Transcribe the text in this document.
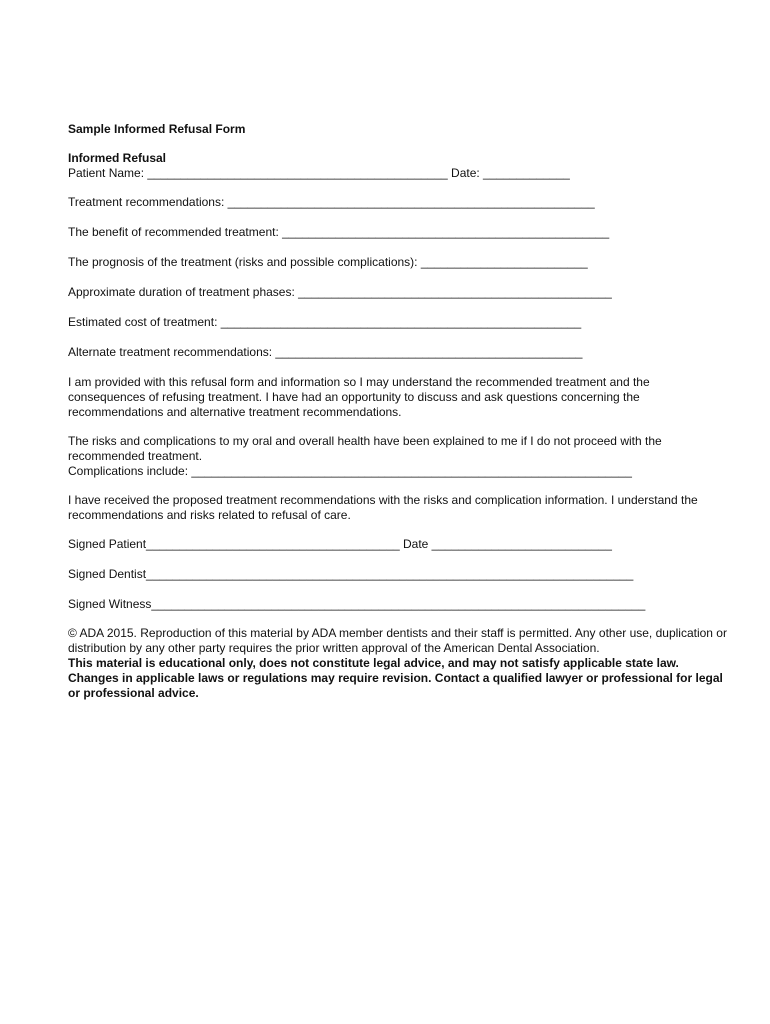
Sample Informed Refusal Form

Informed Refusal

Patient Name: _____________________________________________ Date: _____________

Treatment recommendations: _______________________________________________________

The benefit of recommended treatment: _________________________________________________

The prognosis of the treatment (risks and possible complications): _________________________

Approximate duration of treatment phases: _______________________________________________

Estimated cost of treatment: ______________________________________________________

Alternate treatment recommendations: ______________________________________________

I am provided with this refusal form and information so I may understand the recommended treatment and the consequences of refusing treatment. I have had an opportunity to discuss and ask questions concerning the recommendations and alternative treatment recommendations.

The risks and complications to my oral and overall health have been explained to me if I do not proceed with the recommended treatment.

Complications include: __________________________________________________________________

I have received the proposed treatment recommendations with the risks and complication information. I understand the recommendations and risks related to refusal of care.

Signed Patient______________________________________ Date ___________________________

Signed Dentist_________________________________________________________________________

Signed Witness__________________________________________________________________________

© ADA 2015. Reproduction of this material by ADA member dentists and their staff is permitted. Any other use, duplication or distribution by any other party requires the prior written approval of the American Dental Association.

This material is educational only, does not constitute legal advice, and may not satisfy applicable state law. Changes in applicable laws or regulations may require revision. Contact a qualified lawyer or professional for legal or professional advice.
